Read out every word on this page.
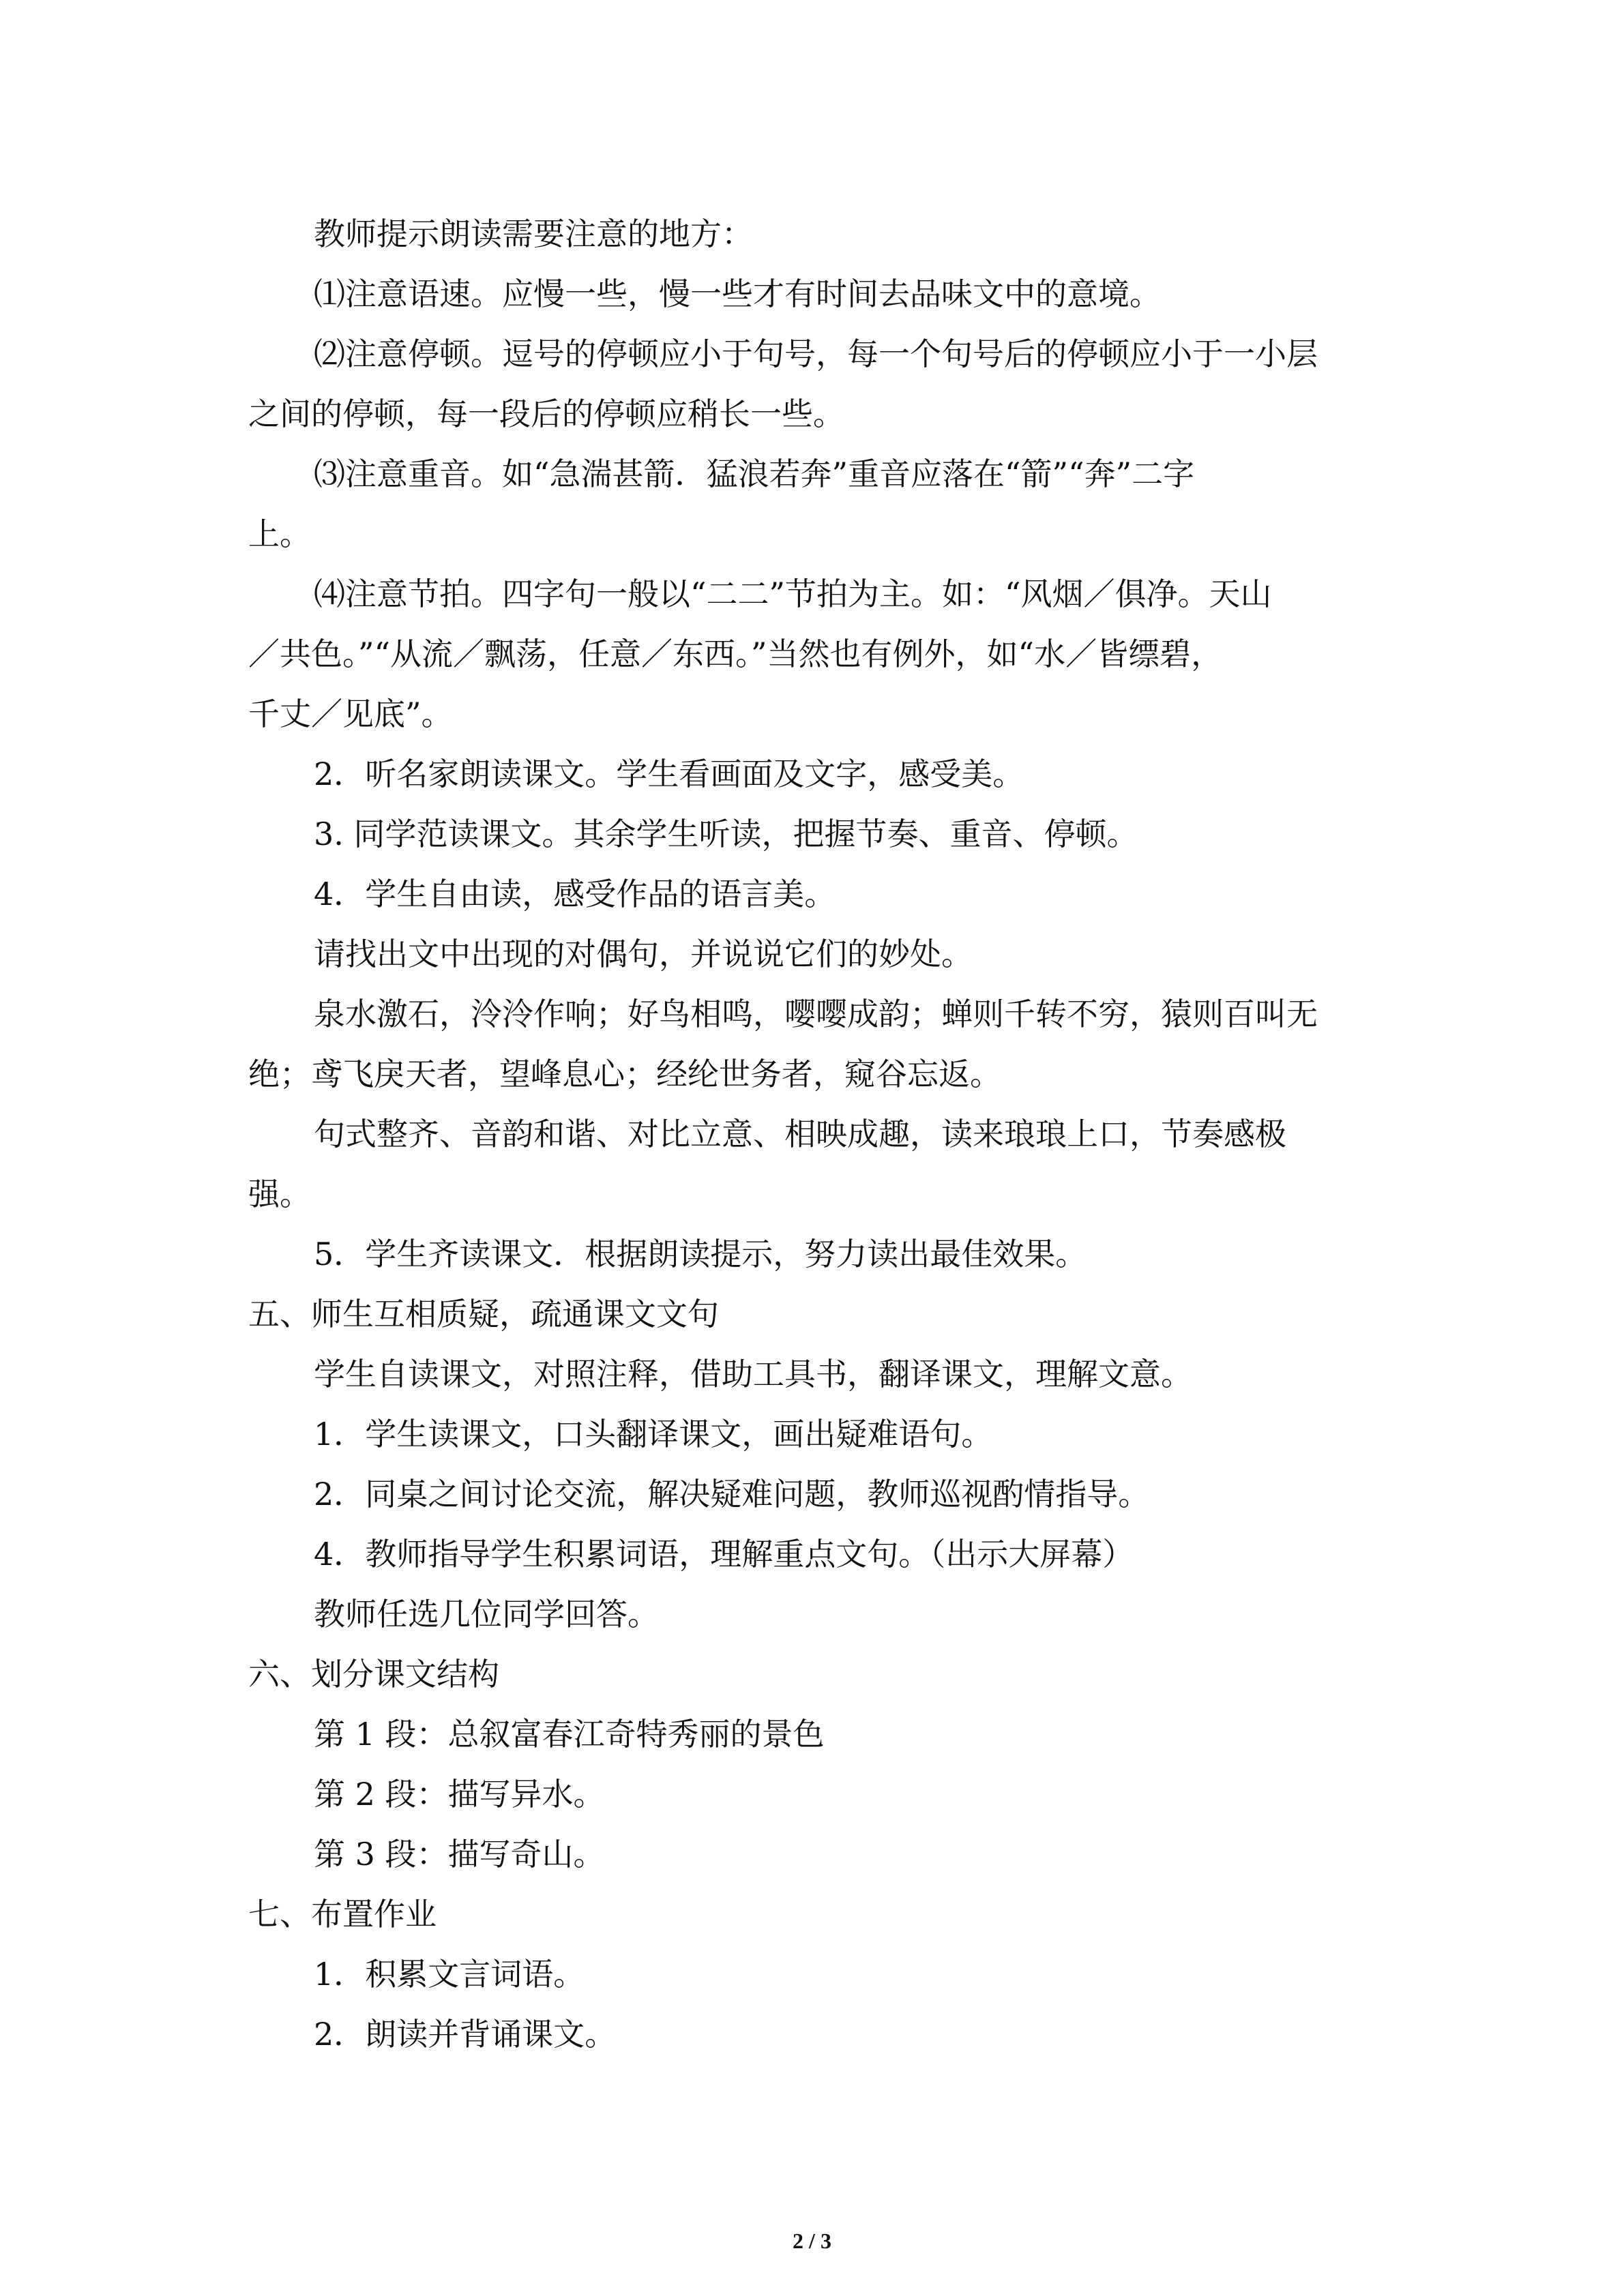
教师提示朗读需要注意的地方：
⑴注意语速。应慢一些，慢一些才有时间去品味文中的意境。
⑵注意停顿。逗号的停顿应小于句号，每一个句号后的停顿应小于一小层
之间的停顿，每一段后的停顿应稍长一些。
⑶注意重音。如“急湍甚箭．猛浪若奔”重音应落在“箭”“奔”二字
上。
⑷注意节拍。四字句一般以“二二”节拍为主。如：“风烟／俱净。天山
／共色。”“从流／飘荡，任意／东西。”当然也有例外，如“水／皆缥碧，
千丈／见底”。
2．听名家朗读课文。学生看画面及文字，感受美。
3. 同学范读课文。其余学生听读，把握节奏、重音、停顿。
4．学生自由读，感受作品的语言美。
请找出文中出现的对偶句，并说说它们的妙处。
泉水激石，泠泠作响；好鸟相鸣，嘤嘤成韵；蝉则千转不穷，猿则百叫无
绝；鸢飞戾天者，望峰息心；经纶世务者，窥谷忘返。
句式整齐、音韵和谐、对比立意、相映成趣，读来琅琅上口，节奏感极
强。
5．学生齐读课文．根据朗读提示，努力读出最佳效果。
五、师生互相质疑，疏通课文文句
学生自读课文，对照注释，借助工具书，翻译课文，理解文意。
1．学生读课文，口头翻译课文，画出疑难语句。
2．同桌之间讨论交流，解决疑难问题，教师巡视酌情指导。
4．教师指导学生积累词语，理解重点文句。（出示大屏幕）
教师任选几位同学回答。
六、划分课文结构
第 1 段：总叙富春江奇特秀丽的景色
第 2 段：描写异水。
第 3 段：描写奇山。
七、布置作业
1．积累文言词语。
2．朗读并背诵课文。
2 / 3
